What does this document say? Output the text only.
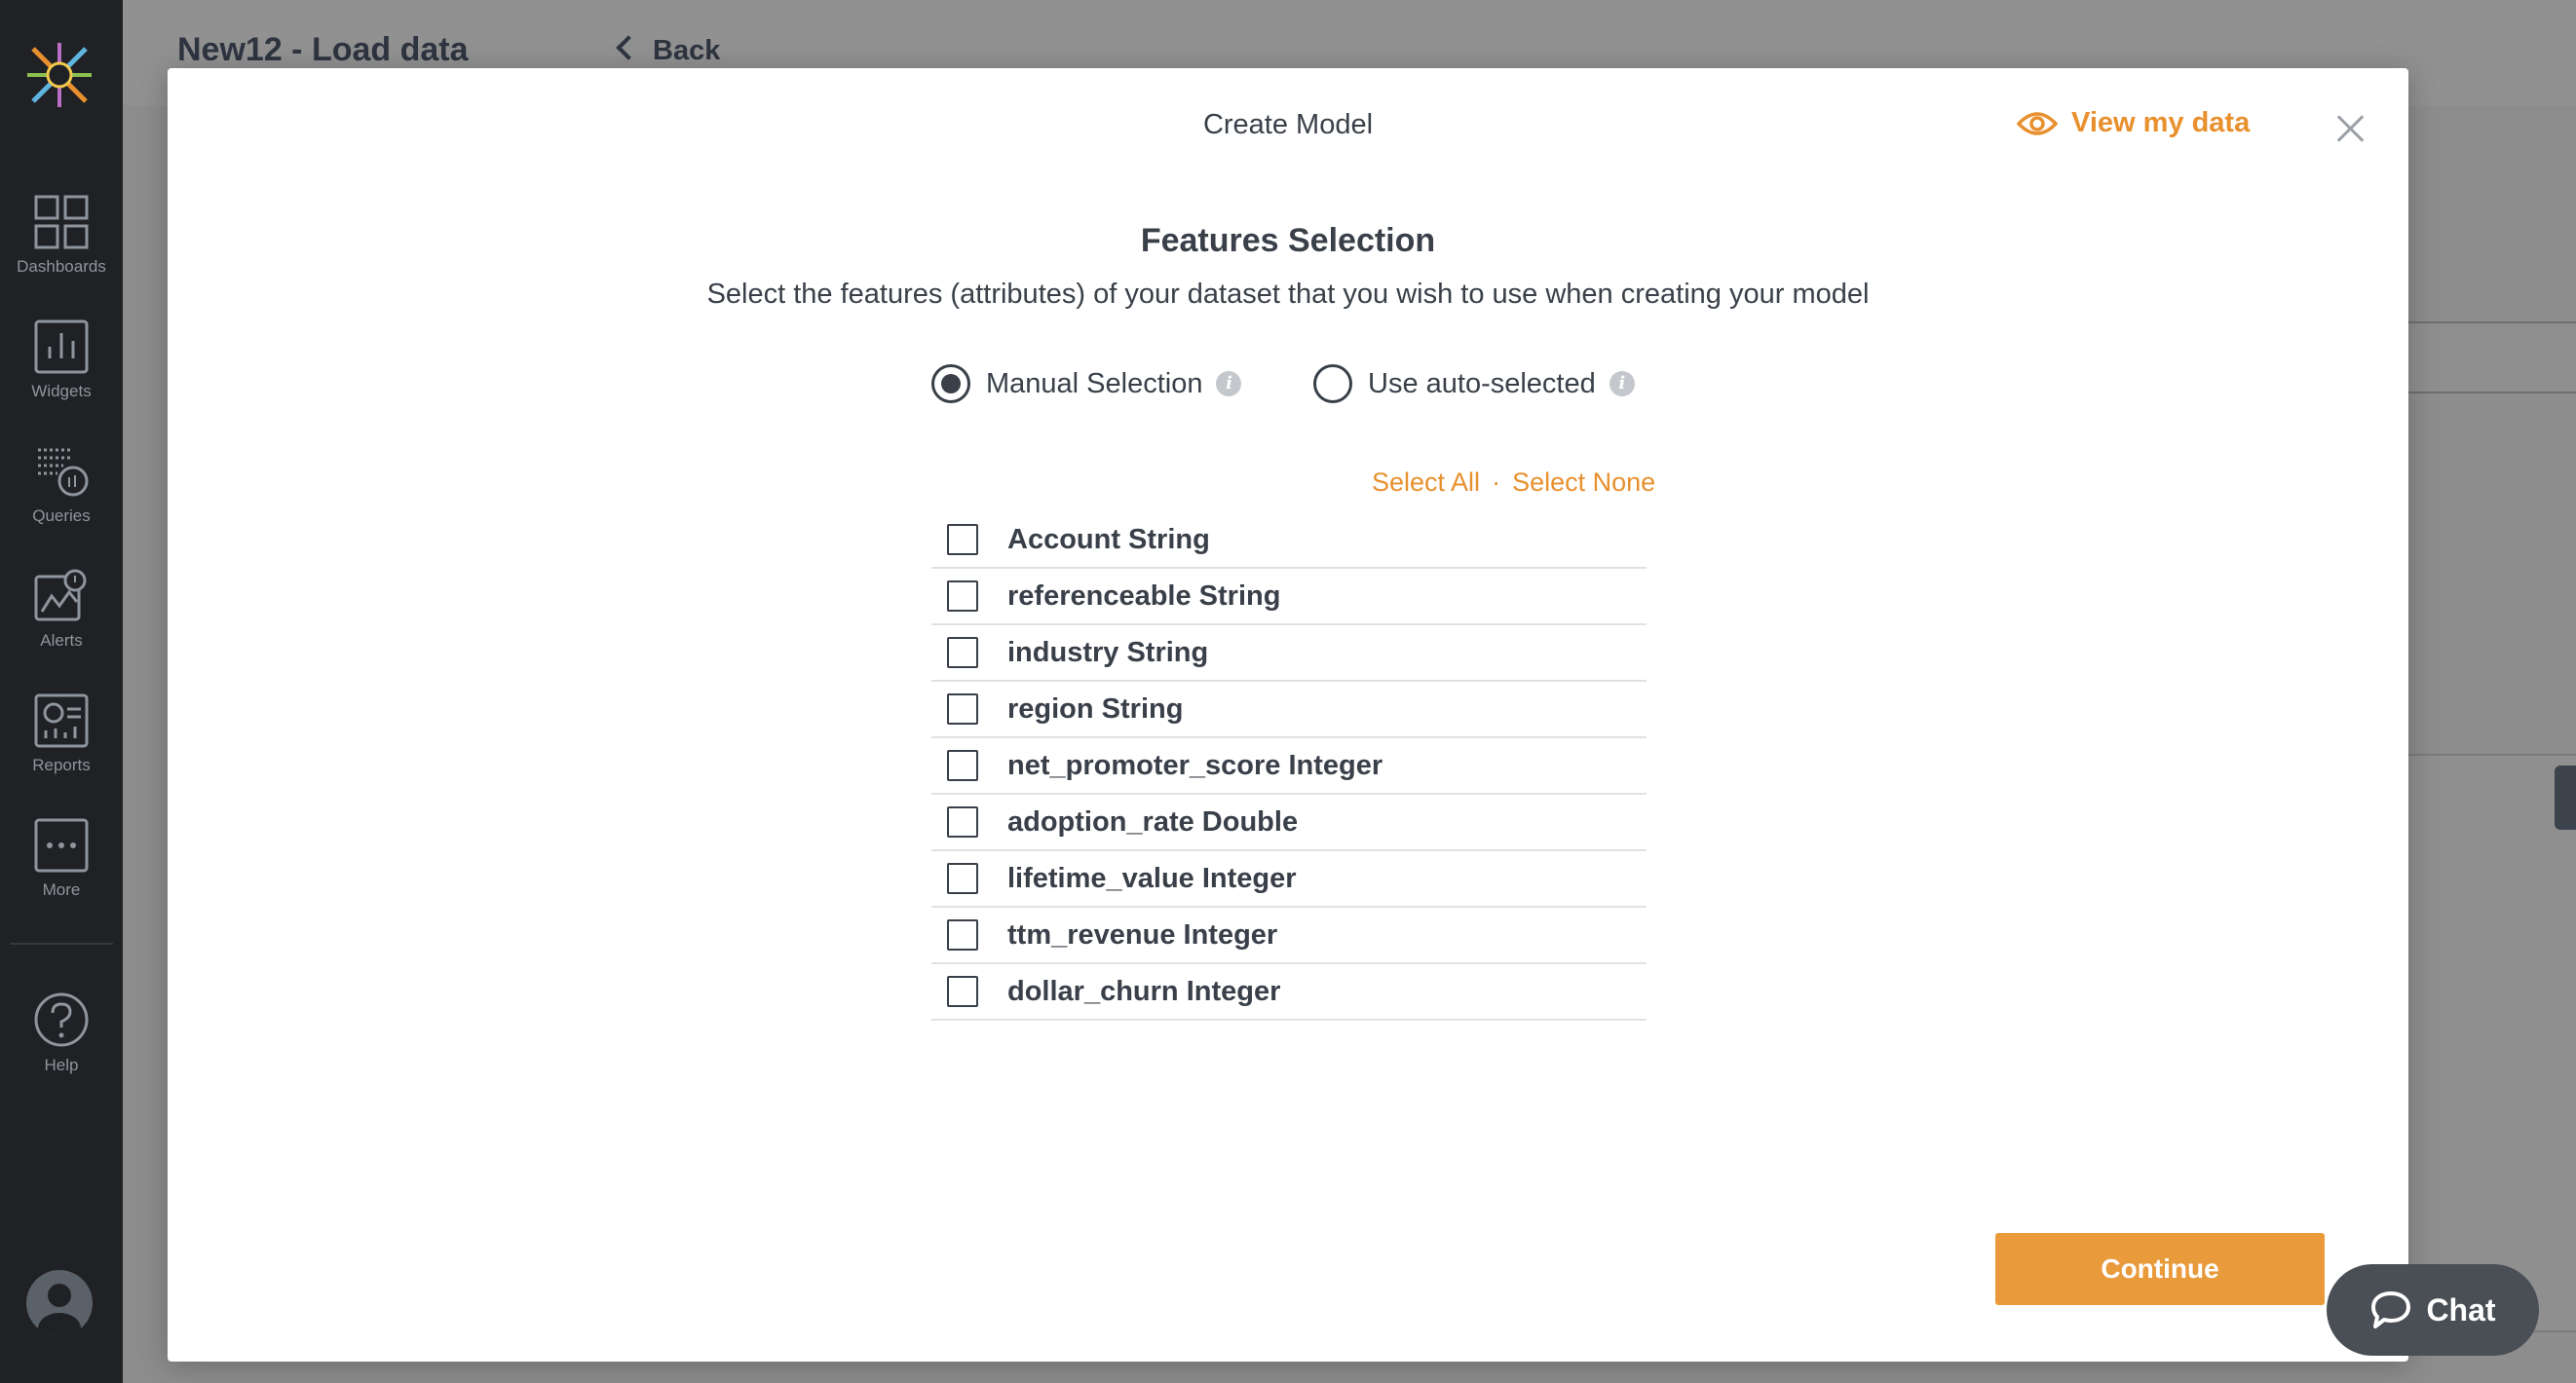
New12 - Load data	Back
Dashboards
Widgets
Queries
Alerts
Reports
More
Help
Create Model	View my data
Features Selection
Select the features (attributes) of your dataset that you wish to use when creating your model
Manual Selection	i	Use auto-selected	i
Select All · Select None
Account String
referenceable String
industry String
region String
net_promoter_score Integer
adoption_rate Double
lifetime_value Integer
ttm_revenue Integer
dollar_churn Integer
Continue
Chat
